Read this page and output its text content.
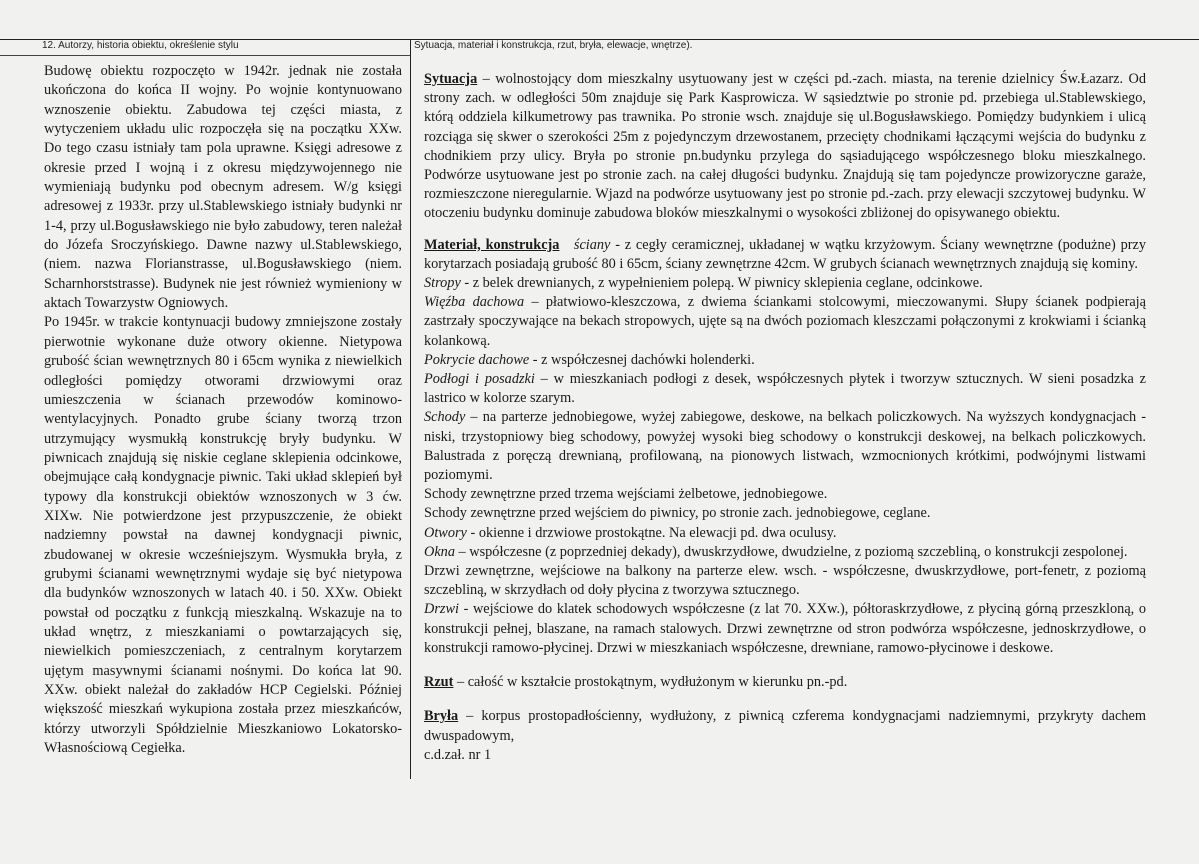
12. Autorzy, historia obiektu, określenie stylu	Sytuacja, materiał i konstrukcja, rzut, bryła, elewacje, wnętrze).

Budowę obiektu rozpoczęto w 1942r. jednak nie została ukończona do końca II wojny. Po wojnie kontynuowano wznoszenie obiektu. Zabudowa tej części miasta, z wytyczeniem układu ulic rozpoczęła się na początku XXw. Do tego czasu istniały tam pola uprawne. Księgi adresowe z okresie przed I wojną i z okresu międzywojennego nie wymieniają budynku pod obecnym adresem. W/g księgi adresowej z 1933r. przy ul.Stablewskiego istniały budynki nr 1-4, przy ul.Bogusławskiego nie było zabudowy, teren należał do Józefa Sroczyńskiego. Dawne nazwy ul.Stablewskiego, (niem. nazwa Florianstrasse, ul.Bogusławskiego (niem. Scharnhorststrasse). Budynek nie jest również wymieniony w aktach Towarzystw Ogniowych.

Po 1945r. w trakcie kontynuacji budowy zmniejszone zostały pierwotnie wykonane duże otwory okienne. Nietypowa grubość ścian wewnętrznych 80 i 65cm wynika z niewielkich odległości pomiędzy otworami drzwiowymi oraz umieszczenia w ścianach przewodów kominowo- wentylacyjnych. Ponadto grube ściany tworzą trzon utrzymujący wysmukłą konstrukcję bryły budynku. W piwnicach znajdują się niskie ceglane sklepienia odcinkowe, obejmujące całą kondygnacje piwnic. Taki układ sklepień był typowy dla konstrukcji obiektów wznoszonych w 3 ćw. XIXw. Nie potwierdzone jest przypuszczenie, że obiekt nadziemny powstał na dawnej kondygnacji piwnic, zbudowanej w okresie wcześniejszym. Wysmukła bryła, z grubymi ścianami wewnętrznymi wydaje się być nietypowa dla budynków wznoszonych w latach 40. i 50. XXw. Obiekt powstał od początku z funkcją mieszkalną. Wskazuje na to układ wnętrz, z mieszkaniami o powtarzających się, niewielkich pomieszczeniach, z centralnym korytarzem ujętym masywnymi ścianami nośnymi. Do końca lat 90. XXw. obiekt należał do zakładów HCP Cegielski. Później większość mieszkań wykupiona została przez mieszkańców, którzy utworzyli Spółdzielnie Mieszkaniowo Lokatorsko-Własnościową Cegiełka.

Sytuacja – wolnostojący dom mieszkalny usytuowany jest w części pd.-zach. miasta, na terenie dzielnicy Św.Łazarz. Od strony zach. w odległości 50m znajduje się Park Kasprowicza. W sąsiedztwie po stronie pd. przebiega ul.Stablewskiego, którą oddziela kilkumetrowy pas trawnika. Po stronie wsch. znajduje się ul.Bogusławskiego. Pomiędzy budynkiem i ulicą rozciąga się skwer o szerokości 25m z pojedynczym drzewostanem, przecięty chodnikami łączącymi wejścia do budynku z chodnikiem przy ulicy. Bryła po stronie pn.budynku przylega do sąsiadującego współczesnego bloku mieszkalnego. Podwórze usytuowane jest po stronie zach. na całej długości budynku. Znajdują się tam pojedyncze prowizoryczne garaże, rozmieszczone nieregularnie. Wjazd na podwórze usytuowany jest po stronie pd.-zach. przy elewacji szczytowej budynku. W otoczeniu budynku dominuje zabudowa bloków mieszkalnymi o wysokości zbliżonej do opisywanego obiektu.

Materiał, konstrukcja ściany - z cegły ceramicznej, układanej w wątku krzyżowym. Ściany wewnętrzne (podużne) przy korytarzach posiadają grubość 80 i 65cm, ściany zewnętrzne 42cm. W grubych ścianach wewnętrznych znajdują się kominy.

Stropy - z belek drewnianych, z wypełnieniem polepą. W piwnicy sklepienia ceglane, odcinkowe.

Więźba dachowa – płatwiowo-kleszczowa, z dwiema ściankami stolcowymi, mieczowanymi. Słupy ścianek podpierają zastrzały spoczywające na bekach stropowych, ujęte są na dwóch poziomach kleszczami połączonymi z krokwiami i ścianką kolankową.

Pokrycie dachowe - z współczesnej dachówki holenderki.

Podłogi i posadzki – w mieszkaniach podłogi z desek, współczesnych płytek i tworzyw sztucznych. W sieni posadzka z lastrico w kolorze szarym.

Schody – na parterze jednobiegowe, wyżej zabiegowe, deskowe, na belkach policzkowych. Na wyższych kondygnacjach - niski, trzystopniowy bieg schodowy, powyżej wysoki bieg schodowy o konstrukcji deskowej, na belkach policzkowych. Balustrada z poręczą drewnianą, profilowaną, na pionowych listwach, wzmocnionych krótkimi, podwójnymi listwami poziomymi.

Schody zewnętrzne przed trzema wejściami żelbetowe, jednobiegowe.

Schody zewnętrzne przed wejściem do piwnicy, po stronie zach. jednobiegowe, ceglane.

Otwory - okienne i drzwiowe prostokątne. Na elewacji pd. dwa oculusy.

Okna – współczesne (z poprzedniej dekady), dwuskrzydłowe, dwudzielne, z poziomą szczebliną, o konstrukcji zespolonej.

Drzwi zewnętrzne, wejściowe na balkony na parterze elew. wsch. - współczesne, dwuskrzydłowe, port-fenetr, z poziomą szczebliną, w skrzydłach od doły płycina z tworzywa sztucznego.

Drzwi - wejściowe do klatek schodowych współczesne (z lat 70. XXw.), półtoraskrzydłowe, z płyciną górną przeszkloną, o konstrukcji pełnej, blaszane, na ramach stalowych. Drzwi zewnętrzne od stron podwórza współczesne, jednoskrzydłowe, o konstrukcji ramowo-płycinej. Drzwi w mieszkaniach współczesne, drewniane, ramowo-płycinowe i deskowe.

Rzut – całość w kształcie prostokątnym, wydłużonym w kierunku pn.-pd.

Bryła – korpus prostopadłościenny, wydłużony, z piwnicą czferema kondygnacjami nadziemnymi, przykryty dachem dwuspadowym,

c.d.zał. nr 1
